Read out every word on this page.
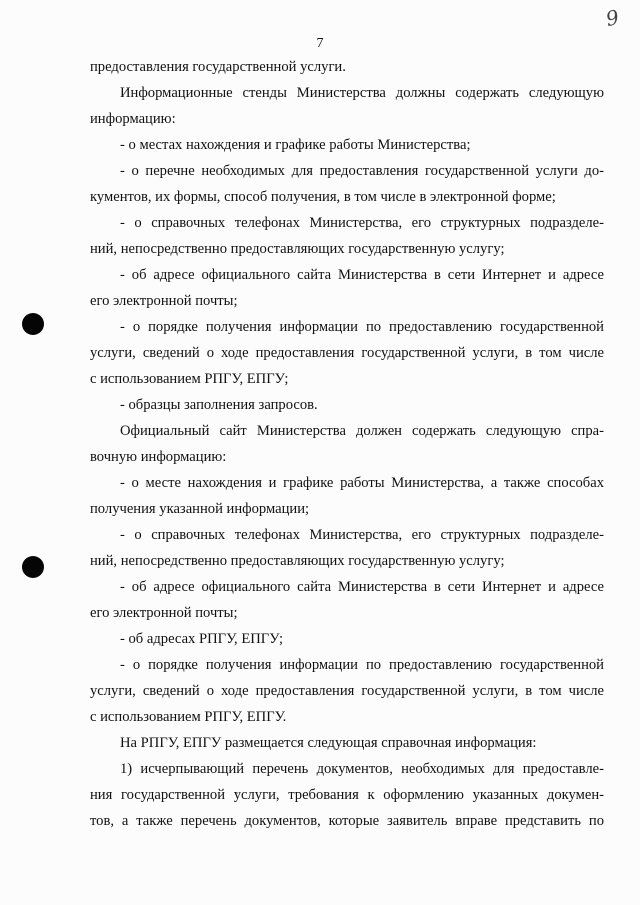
9
7
предоставления государственной услуги.
Информационные стенды Министерства должны содержать следующую
информацию:
- о местах нахождения и графике работы Министерства;
- о перечне необходимых для предоставления государственной услуги до-
кументов, их формы, способ получения, в том числе в электронной форме;
- о справочных телефонах Министерства, его структурных подразделе-
ний, непосредственно предоставляющих государственную услугу;
- об адресе официального сайта Министерства в сети Интернет и адресе
его электронной почты;
- о порядке получения информации по предоставлению государственной
услуги, сведений о ходе предоставления государственной услуги, в том числе
с использованием РПГУ, ЕПГУ;
- образцы заполнения запросов.
Официальный сайт Министерства должен содержать следующую спра-
вочную информацию:
- о месте нахождения и графике работы Министерства, а также способах
получения указанной информации;
- о справочных телефонах Министерства, его структурных подразделе-
ний, непосредственно предоставляющих государственную услугу;
- об адресе официального сайта Министерства в сети Интернет и адресе
его электронной почты;
- об адресах РПГУ, ЕПГУ;
- о порядке получения информации по предоставлению государственной
услуги, сведений о ходе предоставления государственной услуги, в том числе
с использованием РПГУ, ЕПГУ.
На РПГУ, ЕПГУ размещается следующая справочная информация:
1) исчерпывающий перечень документов, необходимых для предоставле-
ния государственной услуги, требования к оформлению указанных докумен-
тов, а также перечень документов, которые заявитель вправе представить по
